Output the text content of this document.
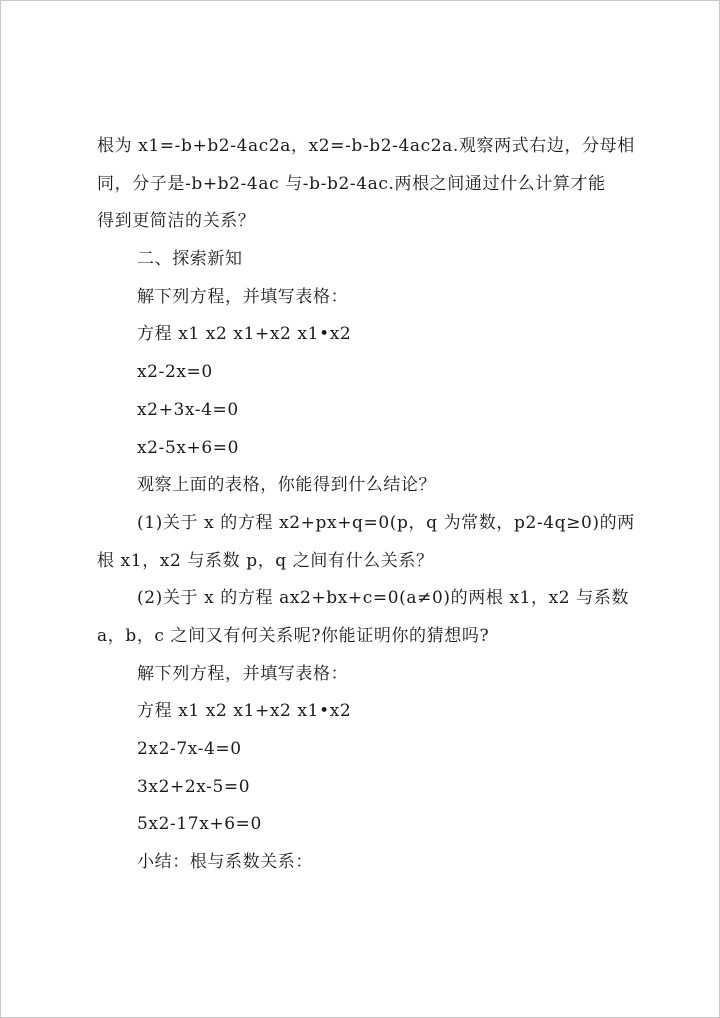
根为 x1=-b+b2-4ac2a，x2=-b-b2-4ac2a.观察两式右边，分母相
同，分子是-b+b2-4ac 与-b-b2-4ac.两根之间通过什么计算才能
得到更简洁的关系？
二、探索新知
解下列方程，并填写表格：
方程 x1 x2 x1+x2 x1•x2
x2-2x=0
x2+3x-4=0
x2-5x+6=0
观察上面的表格，你能得到什么结论？
(1)关于 x 的方程 x2+px+q=0(p，q 为常数，p2-4q≥0)的两
根 x1，x2 与系数 p，q 之间有什么关系？
(2)关于 x 的方程 ax2+bx+c=0(a≠0)的两根 x1，x2 与系数
a，b，c 之间又有何关系呢?你能证明你的猜想吗?
解下列方程，并填写表格：
方程 x1 x2 x1+x2 x1•x2
2x2-7x-4=0
3x2+2x-5=0
5x2-17x+6=0
小结：根与系数关系：
